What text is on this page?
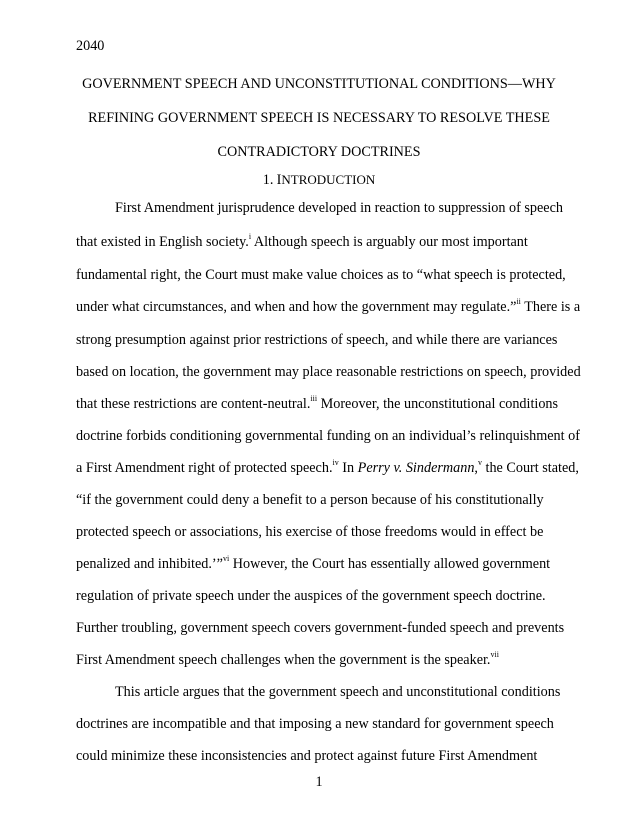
2040
GOVERNMENT SPEECH AND UNCONSTITUTIONAL CONDITIONS—WHY
REFINING GOVERNMENT SPEECH IS NECESSARY TO RESOLVE THESE
CONTRADICTORY DOCTRINES
1. INTRODUCTION
First Amendment jurisprudence developed in reaction to suppression of speech
that existed in English society.$^i$ Although speech is arguably our most important
fundamental right, the Court must make value choices as to “what speech is protected,
under what circumstances, and when and how the government may regulate.”$^{ii}$ There is a
strong presumption against prior restrictions of speech, and while there are variances
based on location, the government may place reasonable restrictions on speech, provided
that these restrictions are content-neutral.$^{iii}$ Moreover, the unconstitutional conditions
doctrine forbids conditioning governmental funding on an individual’s relinquishment of
a First Amendment right of protected speech.$^{iv}$ In Perry v. Sindermann,$^v$ the Court stated,
“if the government could deny a benefit to a person because of his constitutionally
protected speech or associations, his exercise of those freedoms would in effect be
penalized and inhibited.’”$^{vi}$ However, the Court has essentially allowed government
regulation of private speech under the auspices of the government speech doctrine.
Further troubling, government speech covers government-funded speech and prevents
First Amendment speech challenges when the government is the speaker.$^{vii}$
This article argues that the government speech and unconstitutional conditions
doctrines are incompatible and that imposing a new standard for government speech
could minimize these inconsistencies and protect against future First Amendment
1
